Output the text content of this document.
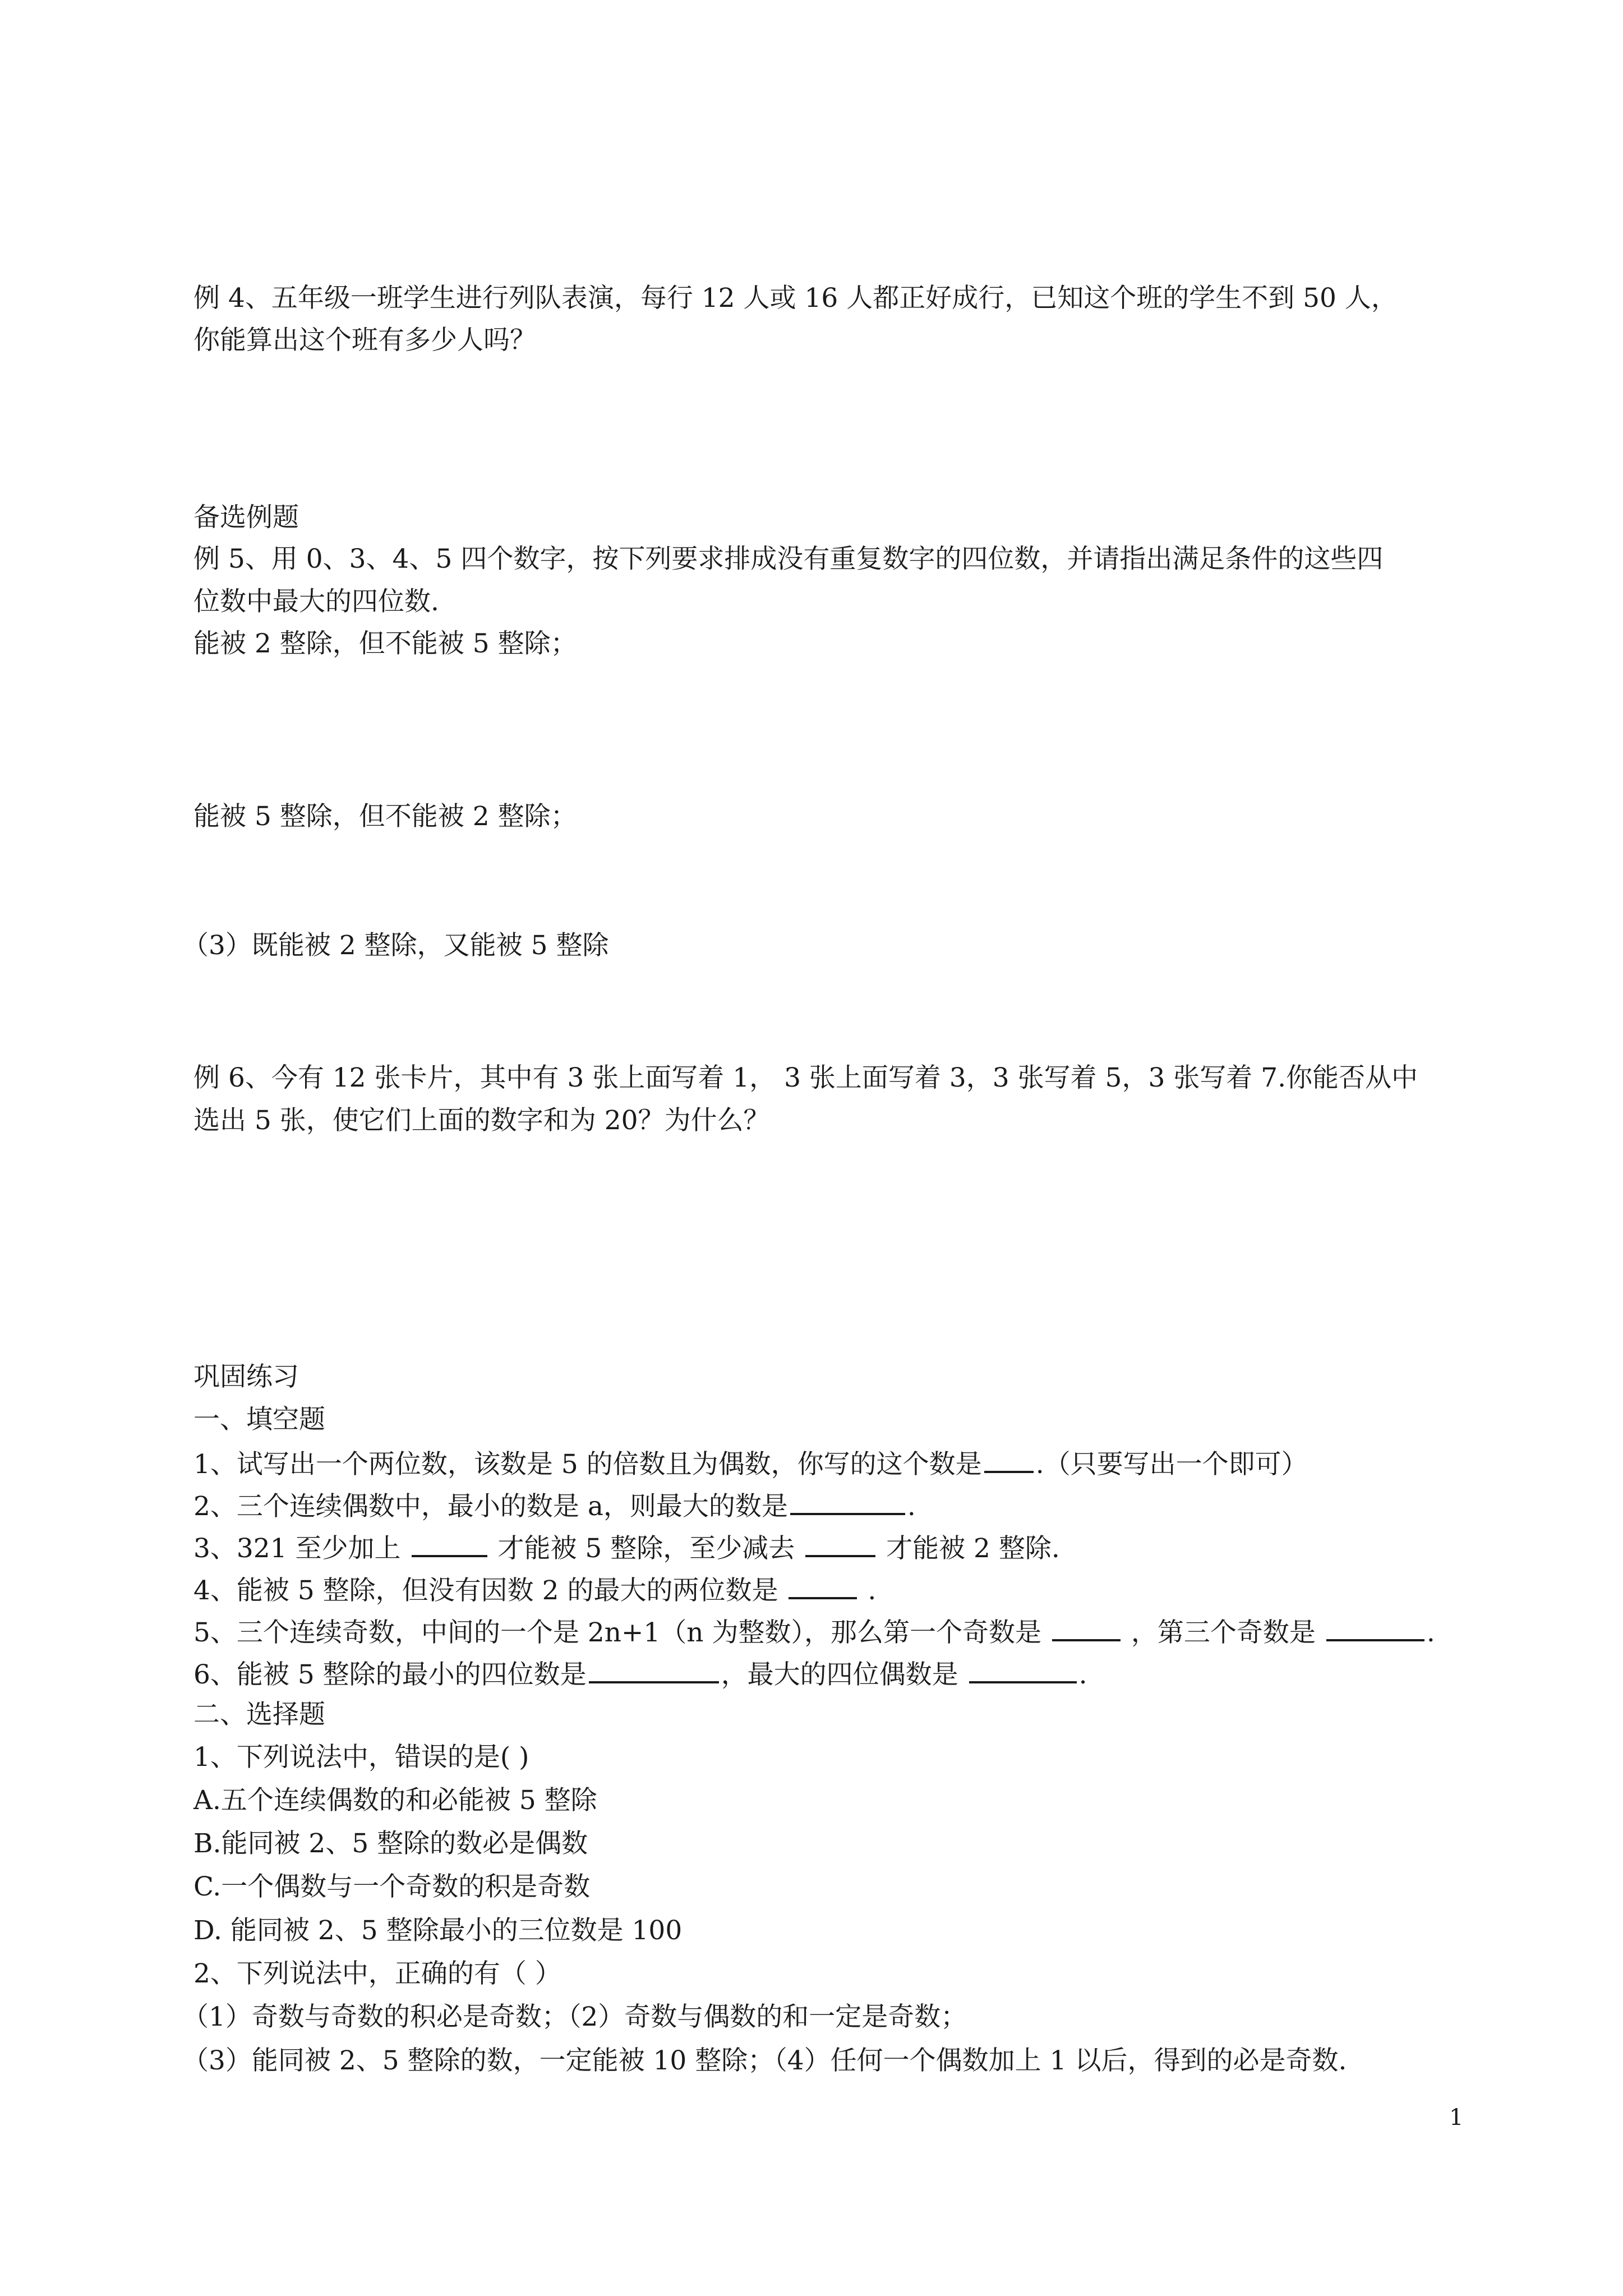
例 4、五年级一班学生进行列队表演，每行 12 人或 16 人都正好成行，已知这个班的学生不到 50 人，

你能算出这个班有多少人吗？

备选例题

例 5、用 0、3、4、5 四个数字，按下列要求排成没有重复数字的四位数，并请指出满足条件的这些四

位数中最大的四位数.

能被 2 整除，但不能被 5 整除；

能被 5 整除，但不能被 2 整除；

（3）既能被 2 整除，又能被 5 整除

例 6、今有 12 张卡片，其中有 3 张上面写着 1， 3 张上面写着 3，3 张写着 5，3 张写着 7.你能否从中

选出 5 张，使它们上面的数字和为 20？为什么？

巩固练习

一、填空题

1、试写出一个两位数，该数是 5 的倍数且为偶数，你写的这个数是 .（只要写出一个即可）

2、三个连续偶数中，最小的数是 a，则最大的数是	.

3、321 至少加上	才能被 5 整除，至少减去	才能被 2 整除.

4、能被 5 整除，但没有因数 2 的最大的两位数是	.

5、三个连续奇数，中间的一个是 2n+1（n 为整数），那么第一个奇数是	，第三个奇数是	.

6、能被 5 整除的最小的四位数是	，最大的四位偶数是	.

二、选择题

1、下列说法中，错误的是( )

A.五个连续偶数的和必能被 5 整除

B.能同被 2、5 整除的数必是偶数

C.一个偶数与一个奇数的积是奇数

D. 能同被 2、5 整除最小的三位数是 100

2、下列说法中，正确的有（ ）

（1）奇数与奇数的积必是奇数；（2）奇数与偶数的和一定是奇数；

（3）能同被 2、5 整除的数，一定能被 10 整除；（4）任何一个偶数加上 1 以后，得到的必是奇数.

1
